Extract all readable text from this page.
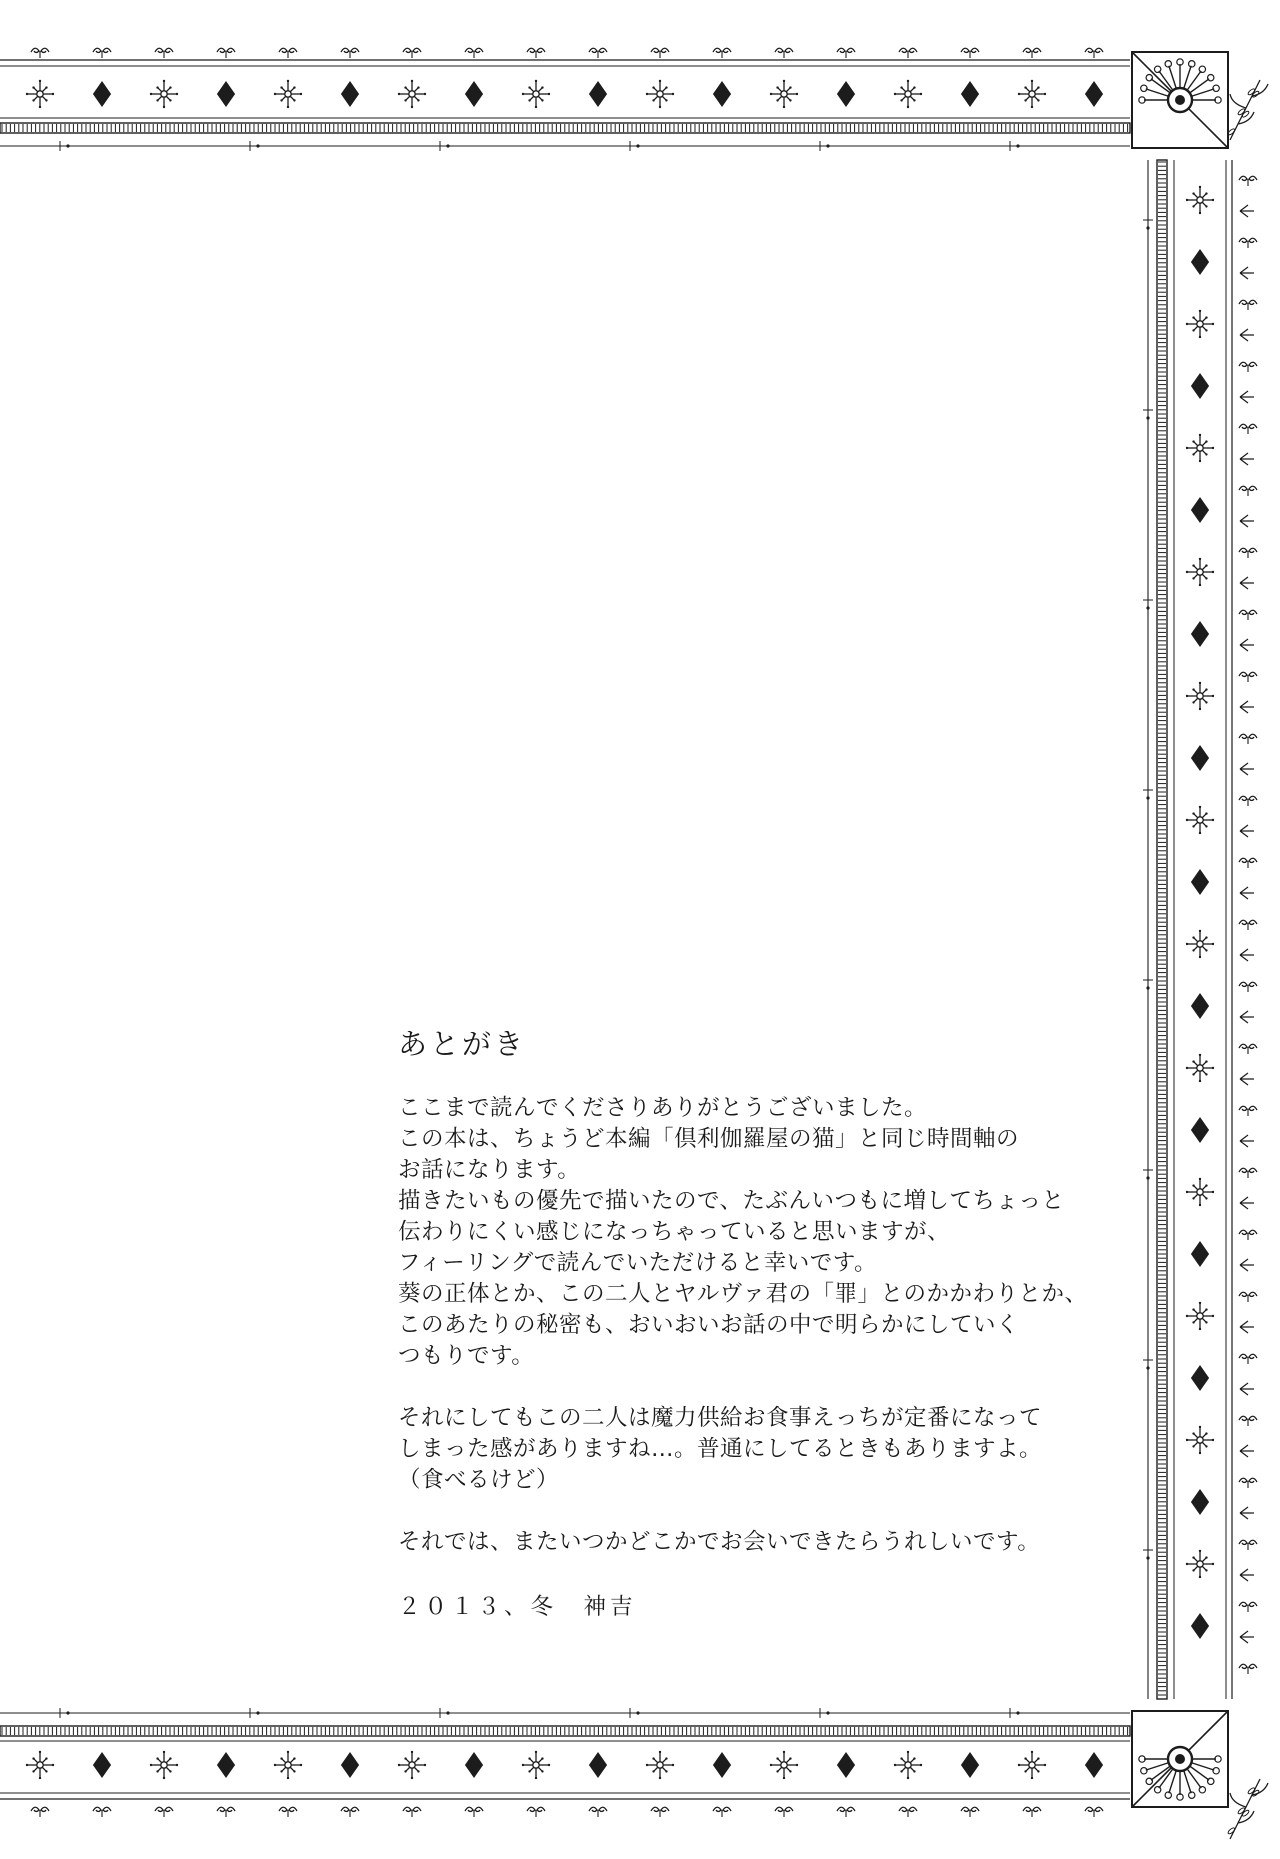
あとがき
ここまで読んでくださりありがとうございました。
この本は、ちょうど本編「倶利伽羅屋の猫」と同じ時間軸の
お話になります。
描きたいもの優先で描いたので、たぶんいつもに増してちょっと
伝わりにくい感じになっちゃっていると思いますが、
フィーリングで読んでいただけると幸いです。
葵の正体とか、この二人とヤルヴァ君の「罪」とのかかわりとか、
このあたりの秘密も、おいおいお話の中で明らかにしていく
つもりです。
それにしてもこの二人は魔力供給お食事えっちが定番になって
しまった感がありますね…。普通にしてるときもありますよ。
（食べるけど）
それでは、またいつかどこかでお会いできたらうれしいです。
２０１３、冬　神吉
